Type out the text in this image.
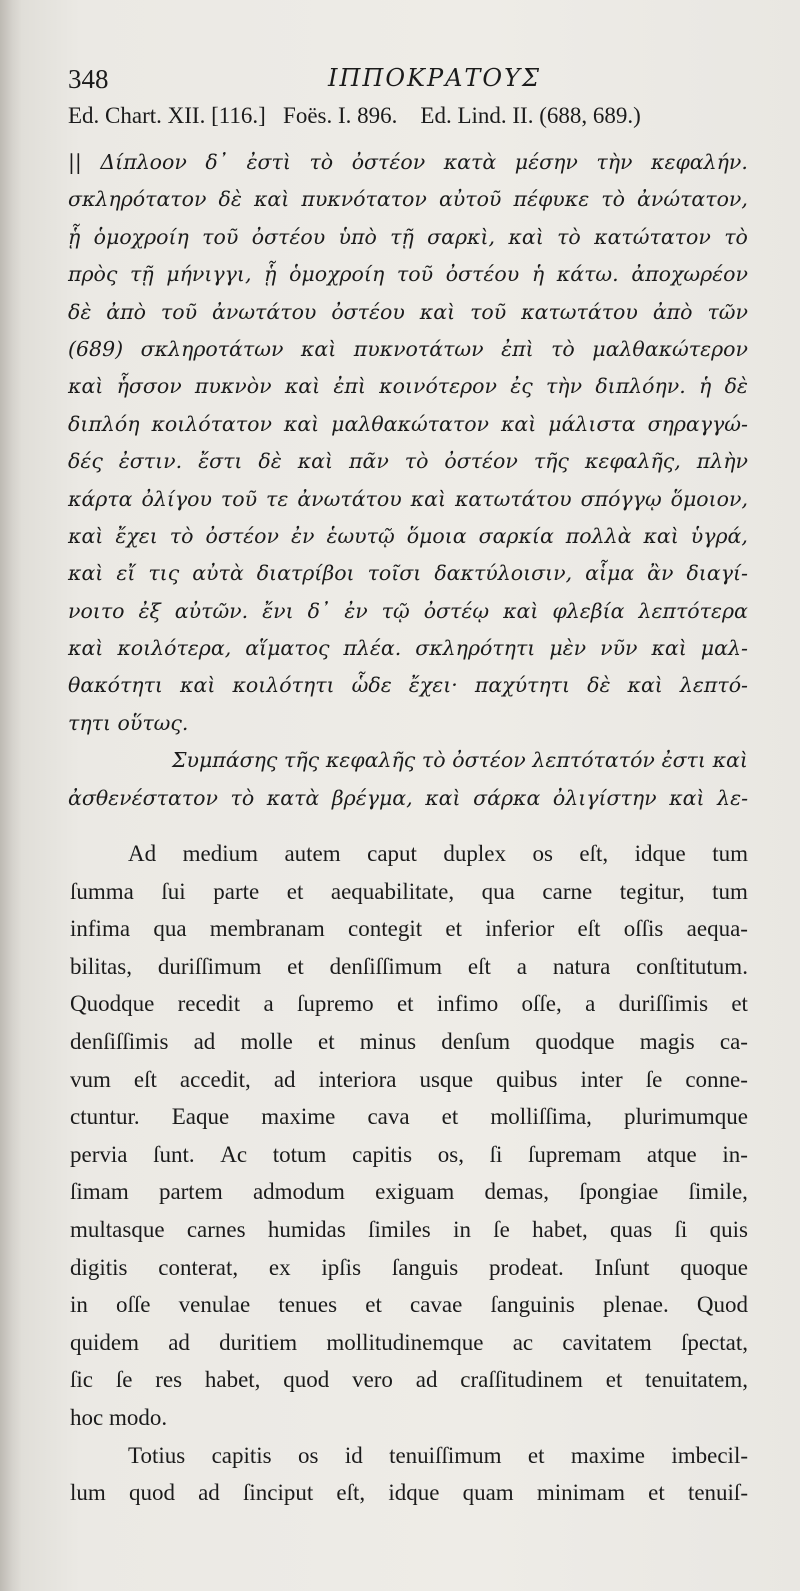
348	ΙΠΠΟΚΡΑΤΟΥΣ
Ed. Chart. XII. [116.]   Foës. I. 896.    Ed. Lind. II. (688, 689.)
|| Δίπλοον δ᾽ ἐστὶ τὸ ὀστέον κατὰ μέσην τὴν κεφαλήν.
σκληρότατον δὲ καὶ πυκνότατον αὐτοῦ πέφυκε τὸ ἀνώτατον,
ᾗ ὁμοχροίη τοῦ ὀστέου ὑπὸ τῇ σαρκὶ, καὶ τὸ κατώτατον τὸ
πρὸς τῇ μήνιγγι, ᾗ ὁμοχροίη τοῦ ὀστέου ἡ κάτω. ἀποχωρέον
δὲ ἀπὸ τοῦ ἀνωτάτου ὀστέου καὶ τοῦ κατωτάτου ἀπὸ τῶν
(689) σκληροτάτων καὶ πυκνοτάτων ἐπὶ τὸ μαλθακώτερον
καὶ ἧσσον πυκνὸν καὶ ἐπὶ κοινότερον ἐς τὴν διπλόην. ἡ δὲ
διπλόη κοιλότατον καὶ μαλθακώτατον καὶ μάλιστα σηραγγώ-
δές ἐστιν. ἔστι δὲ καὶ πᾶν τὸ ὀστέον τῆς κεφαλῆς, πλὴν
κάρτα ὀλίγου τοῦ τε ἀνωτάτου καὶ κατωτάτου σπόγγῳ ὅμοιον,
καὶ ἔχει τὸ ὀστέον ἐν ἑωυτῷ ὅμοια σαρκία πολλὰ καὶ ὑγρά,
καὶ εἴ τις αὐτὰ διατρίβοι τοῖσι δακτύλοισιν, αἷμα ἂν διαγί-
νοιτο ἐξ αὐτῶν. ἔνι δ᾽ ἐν τῷ ὀστέῳ καὶ φλεβία λεπτότερα
καὶ κοιλότερα, αἵματος πλέα. σκληρότητι μὲν νῦν καὶ μαλ-
θακότητι καὶ κοιλότητι ὧδε ἔχει· παχύτητι δὲ καὶ λεπτό-
τητι οὕτως.
Συμπάσης τῆς κεφαλῆς τὸ ὀστέον λεπτότατόν ἐστι καὶ
ἀσθενέστατον τὸ κατὰ βρέγμα, καὶ σάρκα ὀλιγίστην καὶ λε-
Ad medium autem caput duplex os eſt, idque tum
ſumma ſui parte et aequabilitate, qua carne tegitur, tum
infima qua membranam contegit et inferior eſt oſſis aequa-
bilitas, duriſſimum et denſiſſimum eſt a natura conſtitutum.
Quodque recedit a ſupremo et infimo oſſe, a duriſſimis et
denſiſſimis ad molle et minus denſum quodque magis ca-
vum eſt accedit, ad interiora usque quibus inter ſe conne-
ctuntur. Eaque maxime cava et molliſſima, plurimumque
pervia ſunt. Ac totum capitis os, ſi ſupremam atque in-
ſimam partem admodum exiguam demas, ſpongiae ſimile,
multasque carnes humidas ſimiles in ſe habet, quas ſi quis
digitis conterat, ex ipſis ſanguis prodeat. Inſunt quoque
in oſſe venulae tenues et cavae ſanguinis plenae. Quod
quidem ad duritiem mollitudinemque ac cavitatem ſpectat,
ſic ſe res habet, quod vero ad craſſitudinem et tenuitatem,
hoc modo.
Totius capitis os id tenuiſſimum et maxime imbecil-
lum quod ad ſinciput eſt, idque quam minimam et tenuiſ-
